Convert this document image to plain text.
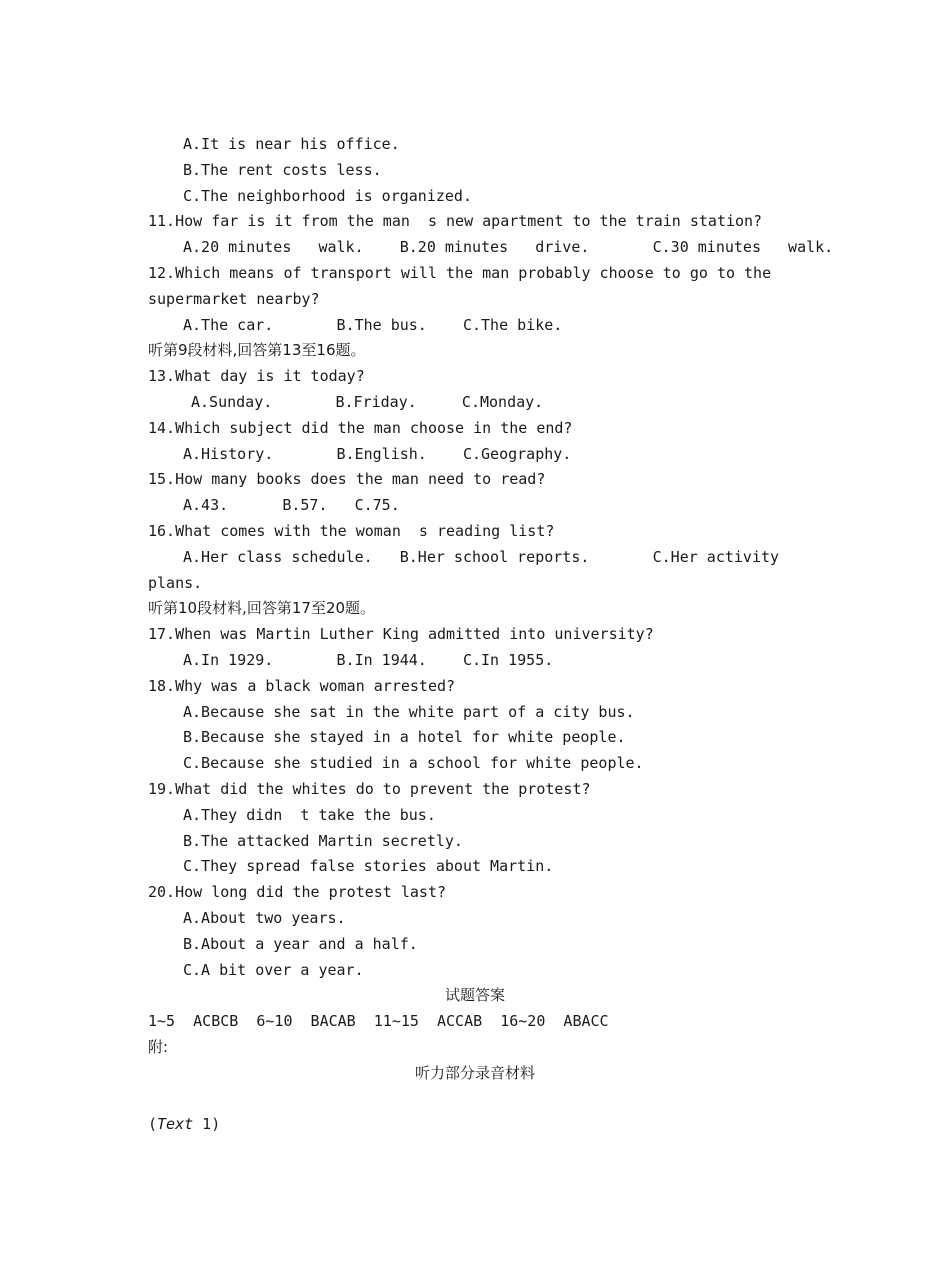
A.It is near his office.
B.The rent costs less.
C.The neighborhood is organized.
11.How far is it from the man  s new apartment to the train station?
A.20 minutes   walk.    B.20 minutes   drive.       C.30 minutes   walk.
12.Which means of transport will the man probably choose to go to the
supermarket nearby?
A.The car.       B.The bus.    C.The bike.
听第9段材料,回答第13至16题。
13.What day is it today?
A.Sunday.       B.Friday.     C.Monday.
14.Which subject did the man choose in the end?
A.History.       B.English.    C.Geography.
15.How many books does the man need to read?
A.43.      B.57.   C.75.
16.What comes with the woman  s reading list?
A.Her class schedule.   B.Her school reports.       C.Her activity
plans.
听第10段材料,回答第17至20题。
17.When was Martin Luther King admitted into university?
A.In 1929.       B.In 1944.    C.In 1955.
18.Why was a black woman arrested?
A.Because she sat in the white part of a city bus.
B.Because she stayed in a hotel for white people.
C.Because she studied in a school for white people.
19.What did the whites do to prevent the protest?
A.They didn  t take the bus.
B.The attacked Martin secretly.
C.They spread false stories about Martin.
20.How long did the protest last?
A.About two years.
B.About a year and a half.
C.A bit over a year.
试题答案
1~5  ACBCB  6~10  BACAB  11~15  ACCAB  16~20  ABACC
附:
听力部分录音材料
(Text 1)
